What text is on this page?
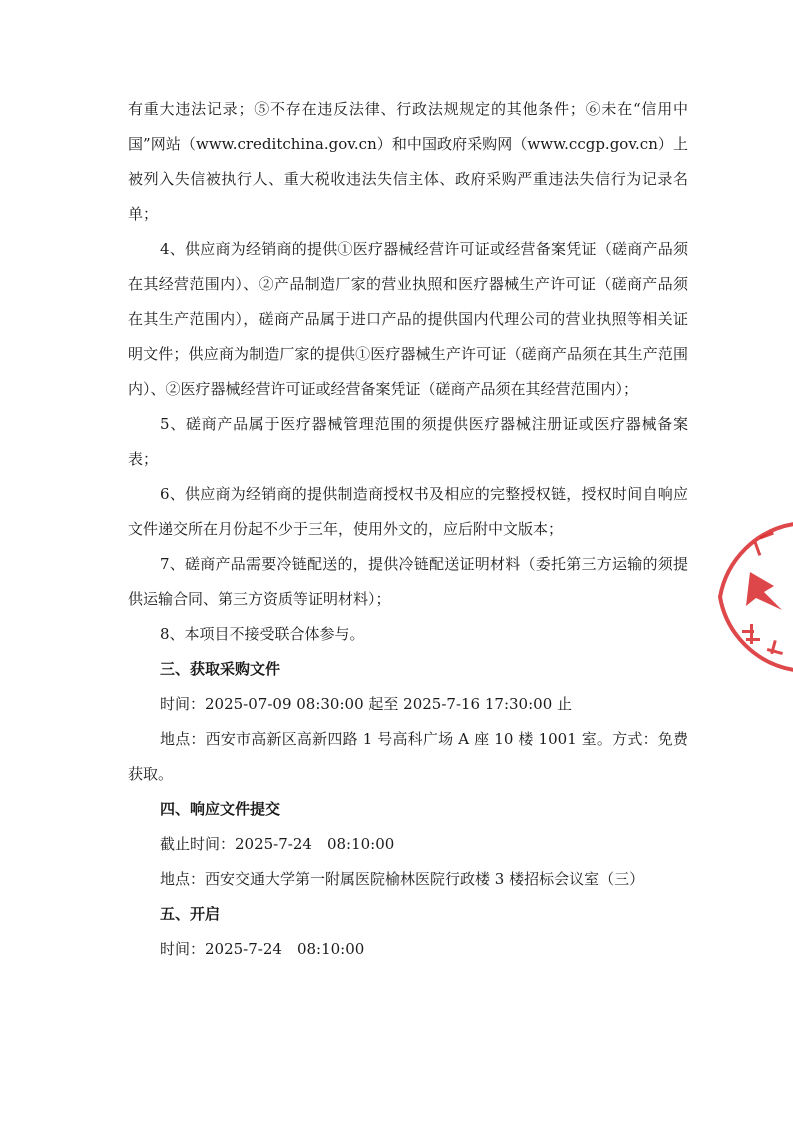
有重大违法记录；⑤不存在违反法律、行政法规规定的其他条件；⑥未在“信用中国”网站（www.creditchina.gov.cn）和中国政府采购网（www.ccgp.gov.cn）上被列入失信被执行人、重大税收违法失信主体、政府采购严重违法失信行为记录名单；

4、供应商为经销商的提供①医疗器械经营许可证或经营备案凭证（磋商产品须在其经营范围内）、②产品制造厂家的营业执照和医疗器械生产许可证（磋商产品须在其生产范围内），磋商产品属于进口产品的提供国内代理公司的营业执照等相关证明文件；供应商为制造厂家的提供①医疗器械生产许可证（磋商产品须在其生产范围内）、②医疗器械经营许可证或经营备案凭证（磋商产品须在其经营范围内）；

5、磋商产品属于医疗器械管理范围的须提供医疗器械注册证或医疗器械备案表；

6、供应商为经销商的提供制造商授权书及相应的完整授权链，授权时间自响应文件递交所在月份起不少于三年，使用外文的，应后附中文版本；

7、磋商产品需要冷链配送的，提供冷链配送证明材料（委托第三方运输的须提供运输合同、第三方资质等证明材料）；

8、本项目不接受联合体参与。

三、获取采购文件

时间：2025-07-09 08:30:00 起至 2025-7-16 17:30:00 止

地点：西安市高新区高新四路 1 号高科广场 A 座 10 楼 1001 室。方式：免费获取。

四、响应文件提交

截止时间：2025-7-24　08:10:00

地点：西安交通大学第一附属医院榆林医院行政楼 3 楼招标会议室（三）

五、开启

时间：2025-7-24　08:10:00
